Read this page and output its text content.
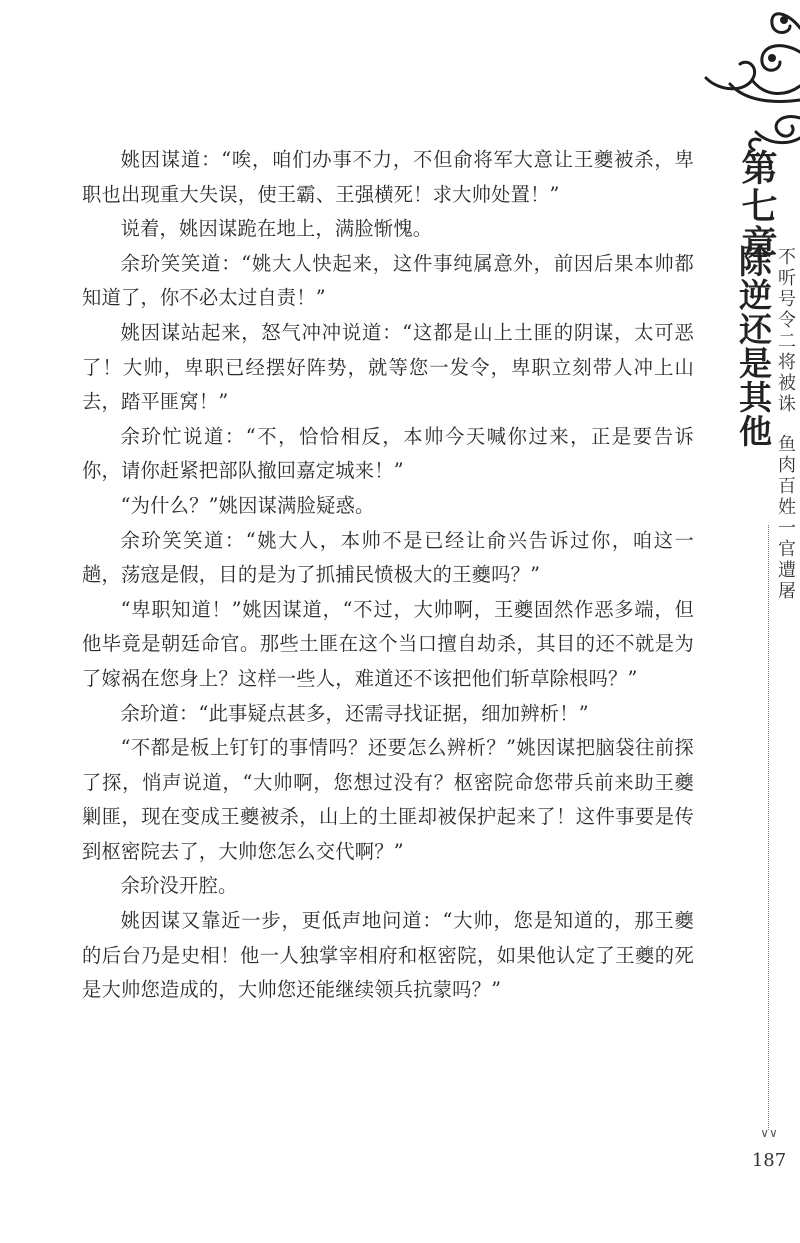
第七章
除逆还是其他 不听号令二将被诛
鱼肉百姓一官遭屠
∨∨
187

姚因谋道：“唉，咱们办事不力，不但俞将军大意让王夔被杀，卑职也出现重大失误，使王霸、王强横死！求大帅处置！”

说着，姚因谋跪在地上，满脸惭愧。

余玠笑笑道：“姚大人快起来，这件事纯属意外，前因后果本帅都知道了，你不必太过自责！”

姚因谋站起来，怒气冲冲说道：“这都是山上土匪的阴谋，太可恶了！大帅，卑职已经摆好阵势，就等您一发令，卑职立刻带人冲上山去，踏平匪窝！”

余玠忙说道：“不，恰恰相反，本帅今天喊你过来，正是要告诉你，请你赶紧把部队撤回嘉定城来！”

“为什么？”姚因谋满脸疑惑。

余玠笑笑道：“姚大人，本帅不是已经让俞兴告诉过你，咱这一趟，荡寇是假，目的是为了抓捕民愤极大的王夔吗？”

“卑职知道！”姚因谋道，“不过，大帅啊，王夔固然作恶多端，但他毕竟是朝廷命官。那些土匪在这个当口擅自劫杀，其目的还不就是为了嫁祸在您身上？这样一些人，难道还不该把他们斩草除根吗？”

余玠道：“此事疑点甚多，还需寻找证据，细加辨析！”

“不都是板上钉钉的事情吗？还要怎么辨析？”姚因谋把脑袋往前探了探，悄声说道，“大帅啊，您想过没有？枢密院命您带兵前来助王夔剿匪，现在变成王夔被杀，山上的土匪却被保护起来了！这件事要是传到枢密院去了，大帅您怎么交代啊？”

余玠没开腔。

姚因谋又靠近一步，更低声地问道：“大帅，您是知道的，那王夔的后台乃是史相！他一人独掌宰相府和枢密院，如果他认定了王夔的死是大帅您造成的，大帅您还能继续领兵抗蒙吗？”
